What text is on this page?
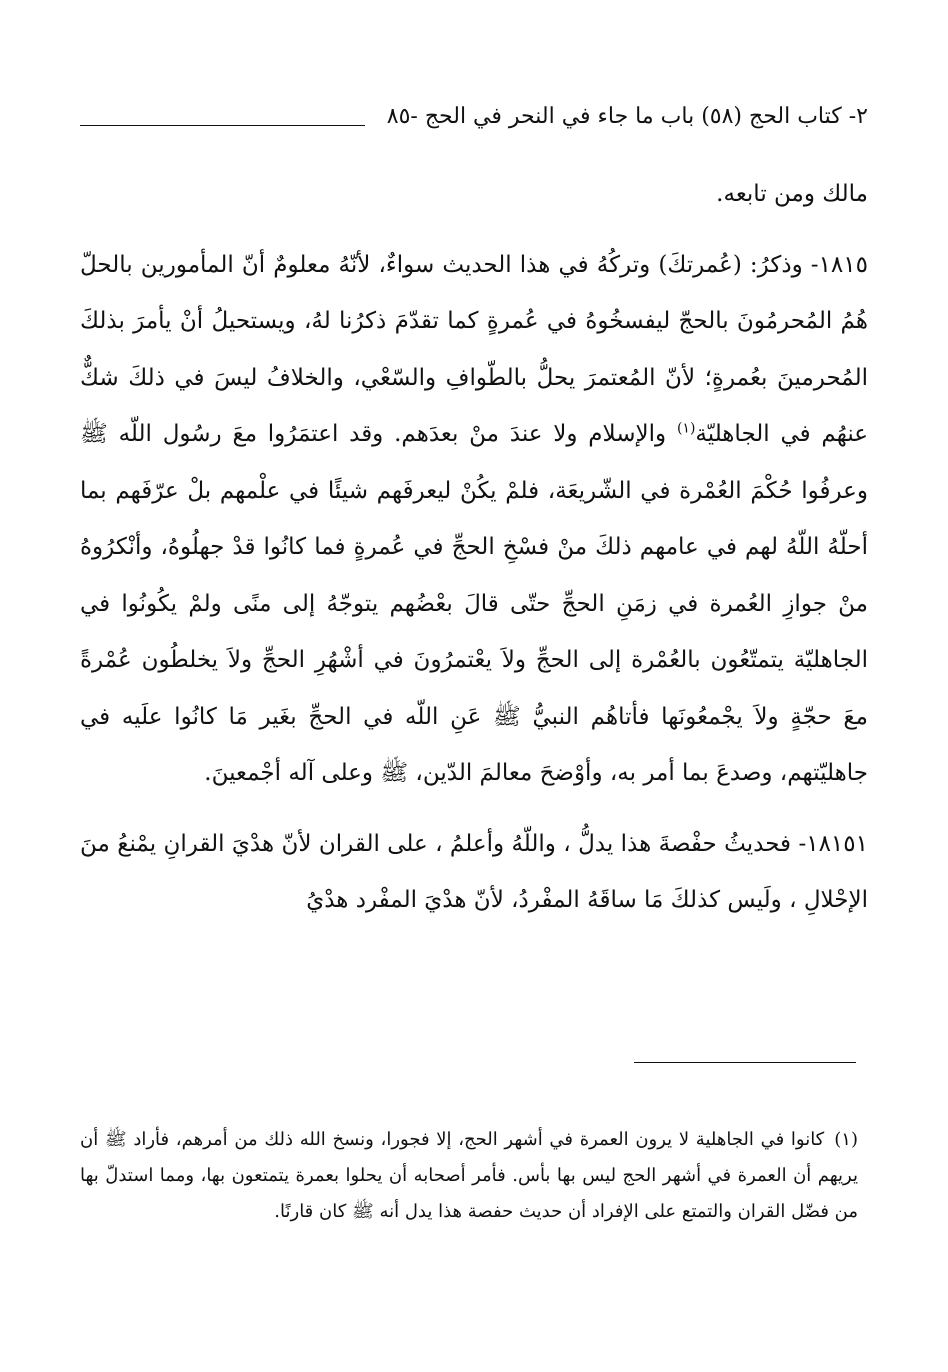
٢- كتاب الحج (٥٨) باب ما جاء في النحر في الحج -٨٥

مالك ومن تابعه.

١٨١٥- وذكرُ: (عُمرتكَ) وتركُهُ في هذا الحديث سواءٌ، لأنّهُ معلومٌ أنّ المأمورين بالحلّ هُمُ المُحرمُونَ بالحجّ ليفسخُوهُ في عُمرةٍ كما تقدّمَ ذكرُنا لهُ، ويستحيلُ أنْ يأمرَ بذلكَ المُحرمينَ بعُمرةٍ؛ لأنّ المُعتمرَ يحلُّ بالطّوافِ والسّعْي، والخلافُ ليسَ في ذلكَ شكٌّ عنهُم في الجاهليّة$^{(١)}$ والإسلام ولا عندَ منْ بعدَهم. وقد اعتمَرُوا معَ رسُول اللّه ﷺ وعرفُوا حُكْمَ العُمْرة في الشّريعَة، فلمْ يكُنْ ليعرفَهم شيئًا في علْمهم بلْ عرّفَهم بما أحلّهُ اللّهُ لهم في عامهم ذلكَ منْ فسْخِ الحجِّ في عُمرةٍ فما كانُوا قدْ جهلُوهُ، وأنْكرُوهُ منْ جوازِ العُمرة في زمَنِ الحجِّ حتّى قالَ بعْضُهم يتوجّهُ إلى منًى ولمْ يكُونُوا في الجاهليّة يتمتّعُون بالعُمْرة إلى الحجِّ ولاَ يعْتمرُونَ في أشْهُرِ الحجِّ ولاَ يخلطُون عُمْرةً معَ حجّةٍ ولاَ يجْمعُونَها فأتاهُم النبيُّ ﷺ عَنِ اللّه في الحجِّ بغَير مَا كانُوا علَيه في جاهليّتهم، وصدعَ بما أمر به، وأوْضحَ معالمَ الدّين، ﷺ وعلى آله أجْمعينَ.

١٨١٥١- فحديثُ حفْصةَ هذا يدلُّ ، واللّهُ وأعلمُ ، على القران لأنّ هدْيَ القرانِ يمْنعُ منَ الإحْلالِ ، ولَيس كذلكَ مَا ساقَهُ المفْردُ، لأنّ هدْيَ المفْرد هدْيُ

(١)كانوا في الجاهلية لا يرون العمرة في أشهر الحج، إلا فجورا، ونسخ الله ذلك من أمرهم، فأراد ﷺ أن يريهم أن العمرة في أشهر الحج ليس بها بأس. فأمر أصحابه أن يحلوا بعمرة يتمتعون بها، ومما استدلّ بها من فضّل القران والتمتع على الإفراد أن حديث حفصة هذا يدل أنه ﷺ كان قارنًا.
